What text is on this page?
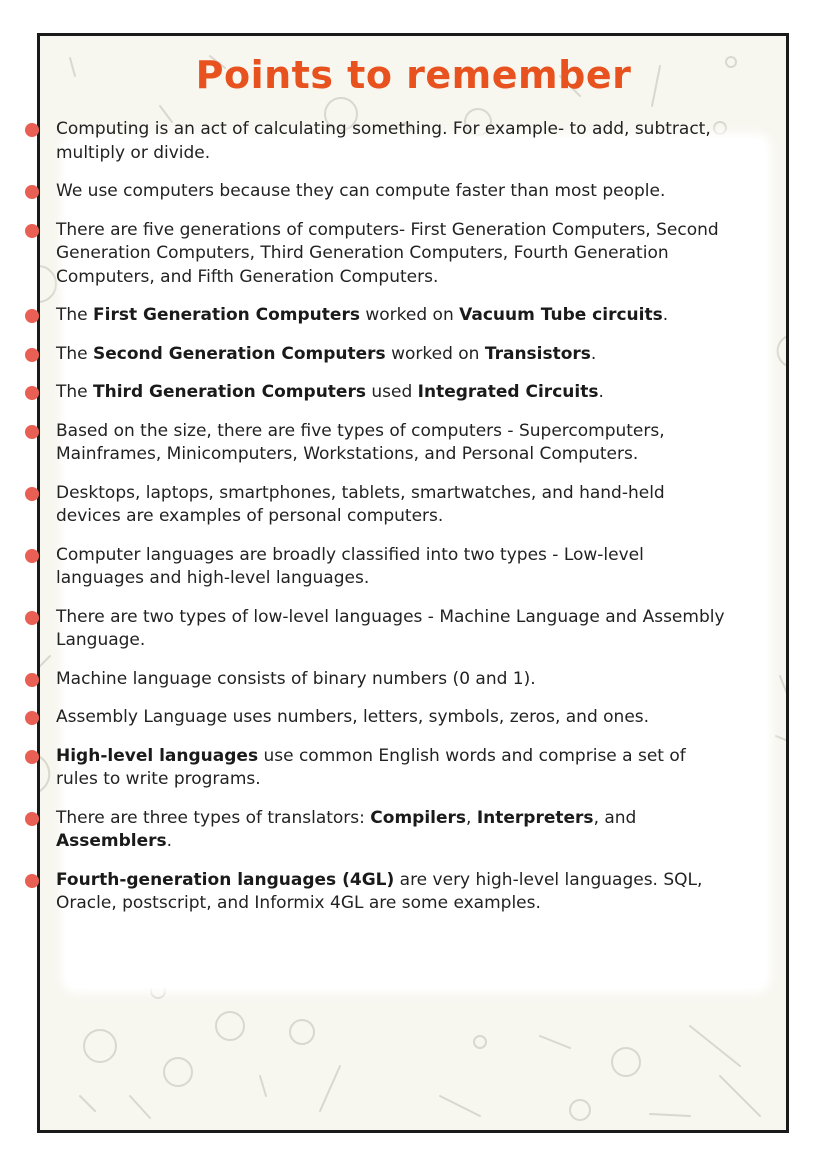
Points to remember
Computing is an act of calculating something. For example- to add, subtract, multiply or divide.
We use computers because they can compute faster than most people.
There are five generations of computers- First Generation Computers, Second Generation Computers, Third Generation Computers, Fourth Generation Computers, and Fifth Generation Computers.
The First Generation Computers worked on Vacuum Tube circuits.
The Second Generation Computers worked on Transistors.
The Third Generation Computers used Integrated Circuits.
Based on the size, there are five types of computers - Supercomputers, Mainframes, Minicomputers, Workstations, and Personal Computers.
Desktops, laptops, smartphones, tablets, smartwatches, and hand-held devices are examples of personal computers.
Computer languages are broadly classified into two types - Low-level languages and high-level languages.
There are two types of low-level languages - Machine Language and Assembly Language.
Machine language consists of binary numbers (0 and 1).
Assembly Language uses numbers, letters, symbols, zeros, and ones.
High-level languages use common English words and comprise a set of rules to write programs.
There are three types of translators: Compilers, Interpreters, and Assemblers.
Fourth-generation languages (4GL) are very high-level languages. SQL, Oracle, postscript, and Informix 4GL are some examples.
